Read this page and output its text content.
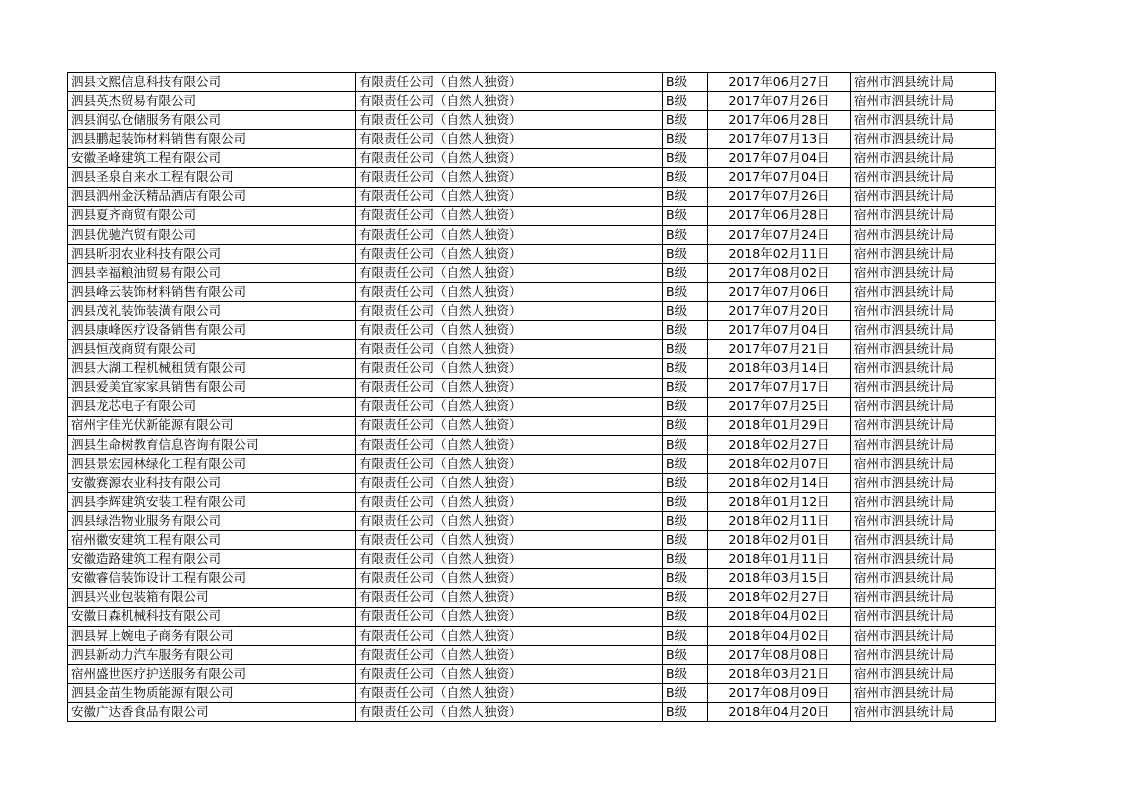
泗县文熙信息科技有限公司	有限责任公司（自然人独资）	B级	2017年06月27日	宿州市泗县统计局
泗县英杰贸易有限公司	有限责任公司（自然人独资）	B级	2017年07月26日	宿州市泗县统计局
泗县润弘仓储服务有限公司	有限责任公司（自然人独资）	B级	2017年06月28日	宿州市泗县统计局
泗县鹏起装饰材料销售有限公司	有限责任公司（自然人独资）	B级	2017年07月13日	宿州市泗县统计局
安徽圣峰建筑工程有限公司	有限责任公司（自然人独资）	B级	2017年07月04日	宿州市泗县统计局
泗县圣泉自来水工程有限公司	有限责任公司（自然人独资）	B级	2017年07月04日	宿州市泗县统计局
泗县泗州金沃精品酒店有限公司	有限责任公司（自然人独资）	B级	2017年07月26日	宿州市泗县统计局
泗县夏齐商贸有限公司	有限责任公司（自然人独资）	B级	2017年06月28日	宿州市泗县统计局
泗县优驰汽贸有限公司	有限责任公司（自然人独资）	B级	2017年07月24日	宿州市泗县统计局
泗县昕羽农业科技有限公司	有限责任公司（自然人独资）	B级	2018年02月11日	宿州市泗县统计局
泗县幸福粮油贸易有限公司	有限责任公司（自然人独资）	B级	2017年08月02日	宿州市泗县统计局
泗县峰云装饰材料销售有限公司	有限责任公司（自然人独资）	B级	2017年07月06日	宿州市泗县统计局
泗县茂礼装饰装潢有限公司	有限责任公司（自然人独资）	B级	2017年07月20日	宿州市泗县统计局
泗县康峰医疗设备销售有限公司	有限责任公司（自然人独资）	B级	2017年07月04日	宿州市泗县统计局
泗县恒茂商贸有限公司	有限责任公司（自然人独资）	B级	2017年07月21日	宿州市泗县统计局
泗县大湖工程机械租赁有限公司	有限责任公司（自然人独资）	B级	2018年03月14日	宿州市泗县统计局
泗县爱美宜家家具销售有限公司	有限责任公司（自然人独资）	B级	2017年07月17日	宿州市泗县统计局
泗县龙芯电子有限公司	有限责任公司（自然人独资）	B级	2017年07月25日	宿州市泗县统计局
宿州宇佳光伏新能源有限公司	有限责任公司（自然人独资）	B级	2018年01月29日	宿州市泗县统计局
泗县生命树教育信息咨询有限公司	有限责任公司（自然人独资）	B级	2018年02月27日	宿州市泗县统计局
泗县景宏园林绿化工程有限公司	有限责任公司（自然人独资）	B级	2018年02月07日	宿州市泗县统计局
安徽赛源农业科技有限公司	有限责任公司（自然人独资）	B级	2018年02月14日	宿州市泗县统计局
泗县李辉建筑安装工程有限公司	有限责任公司（自然人独资）	B级	2018年01月12日	宿州市泗县统计局
泗县绿浩物业服务有限公司	有限责任公司（自然人独资）	B级	2018年02月11日	宿州市泗县统计局
宿州徽安建筑工程有限公司	有限责任公司（自然人独资）	B级	2018年02月01日	宿州市泗县统计局
安徽造路建筑工程有限公司	有限责任公司（自然人独资）	B级	2018年01月11日	宿州市泗县统计局
安徽睿信装饰设计工程有限公司	有限责任公司（自然人独资）	B级	2018年03月15日	宿州市泗县统计局
泗县兴业包装箱有限公司	有限责任公司（自然人独资）	B级	2018年02月27日	宿州市泗县统计局
安徽日森机械科技有限公司	有限责任公司（自然人独资）	B级	2018年04月02日	宿州市泗县统计局
泗县昇上婉电子商务有限公司	有限责任公司（自然人独资）	B级	2018年04月02日	宿州市泗县统计局
泗县新动力汽车服务有限公司	有限责任公司（自然人独资）	B级	2017年08月08日	宿州市泗县统计局
宿州盛世医疗护送服务有限公司	有限责任公司（自然人独资）	B级	2018年03月21日	宿州市泗县统计局
泗县金苗生物质能源有限公司	有限责任公司（自然人独资）	B级	2017年08月09日	宿州市泗县统计局
安徽广达香食品有限公司	有限责任公司（自然人独资）	B级	2018年04月20日	宿州市泗县统计局
